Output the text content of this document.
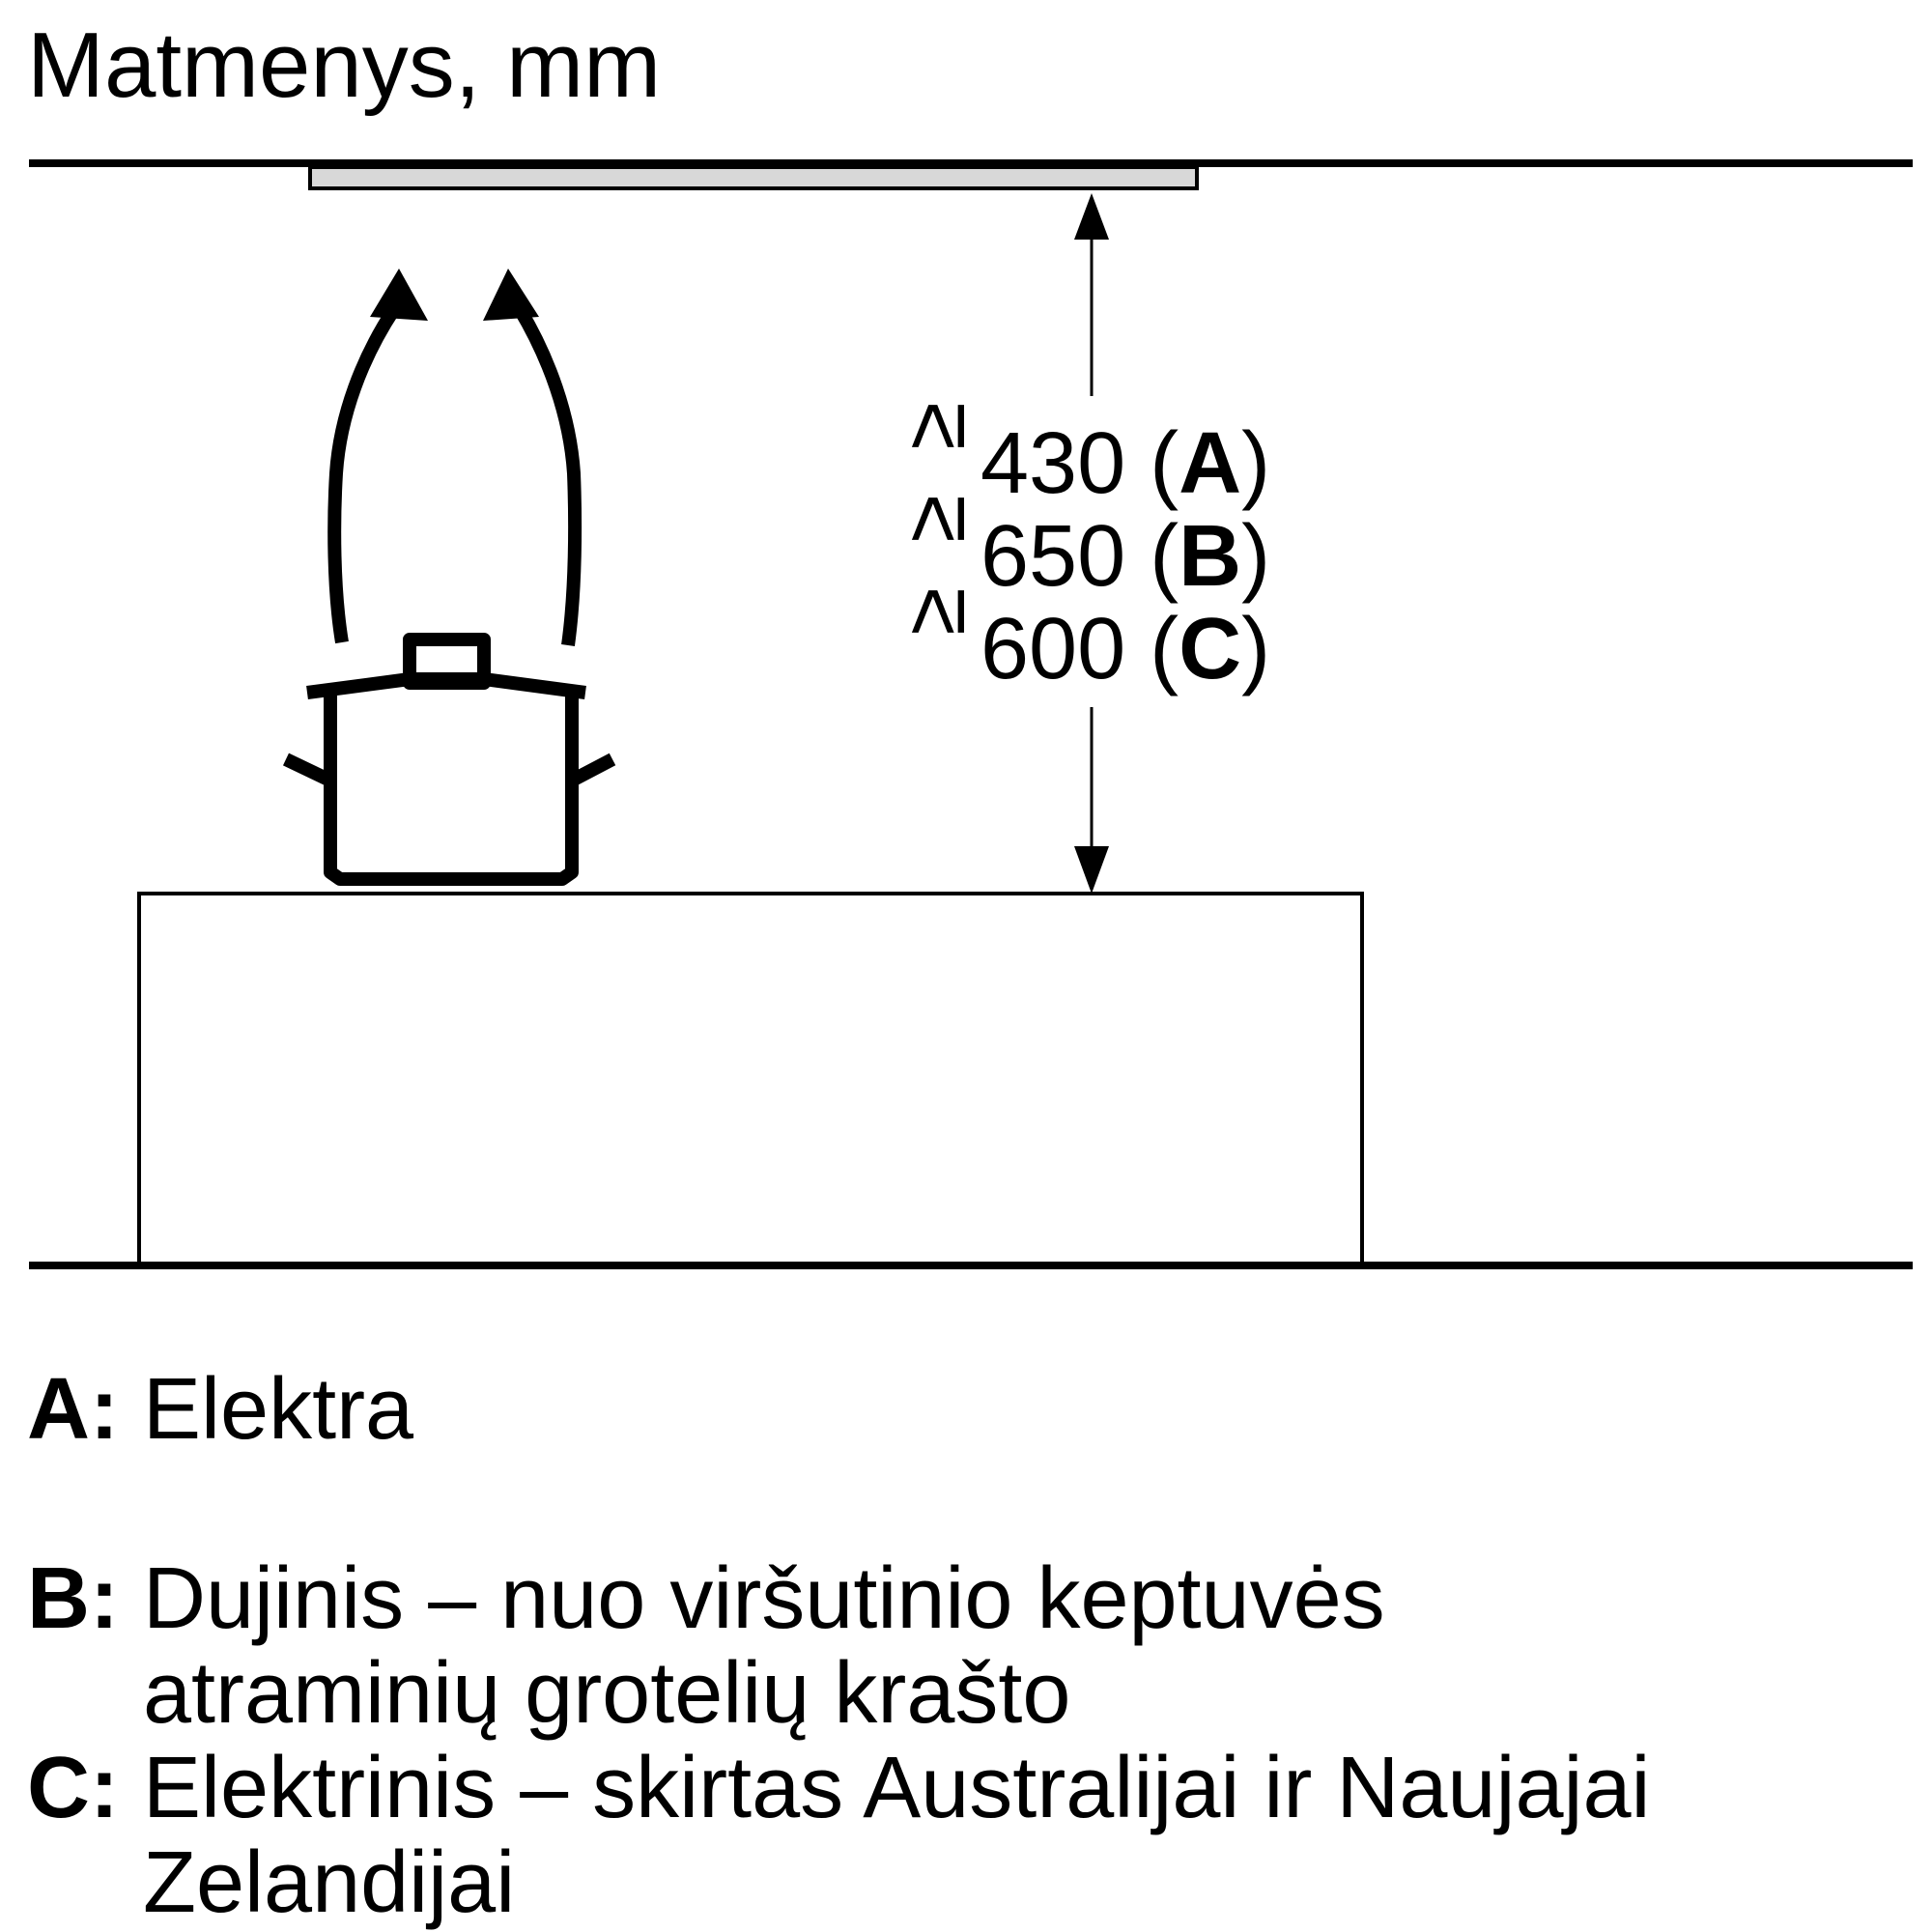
Matmenys, mm
≥
430 (A)
≥
650 (B)
≥
600 (C)
A: Elektra
B: Dujinis – nuo viršutinio keptuvės atraminių grotelių krašto
C: Elektrinis – skirtas Australijai ir Naujajai Zelandijai
